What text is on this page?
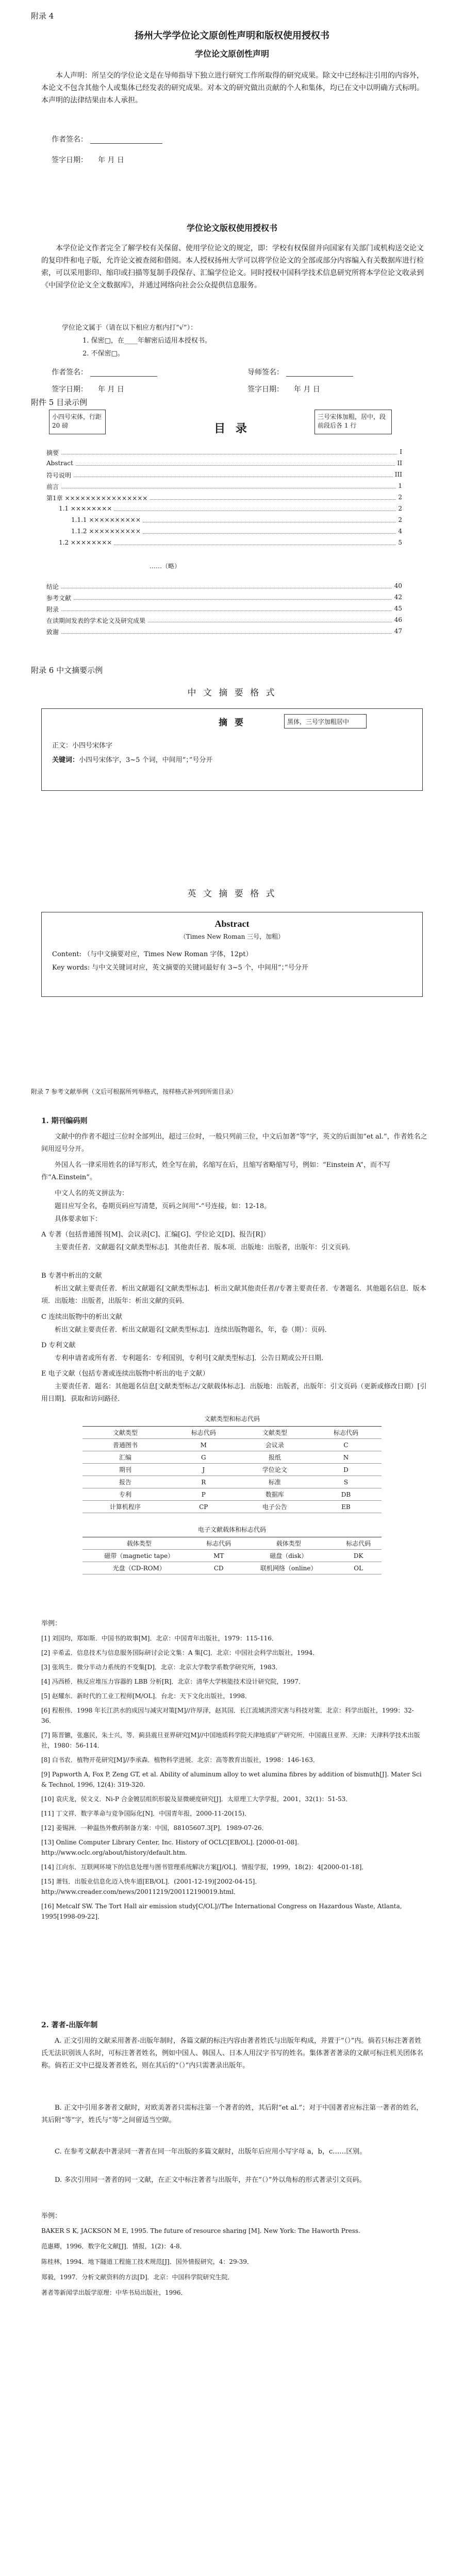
附录 4
扬州大学学位论文原创性声明和版权使用授权书
学位论文原创性声明
本人声明：所呈交的学位论文是在导师指导下独立进行研究工作所取得的研究成果。除文中已经标注引用的内容外，本论文不包含其他个人或集体已经发表的研究成果。对本文的研究做出贡献的个人和集体，均已在文中以明确方式标明。本声明的法律结果由本人承担。
作者签名：
签字日期： 年 月 日
学位论文版权使用授权书
本学位论文作者完全了解学校有关保留、使用学位论文的规定，即：学校有权保留并向国家有关部门或机构送交论文的复印件和电子版，允许论文被查阅和借阅。本人授权扬州大学可以将学位论文的全部或部分内容编入有关数据库进行检索，可以采用影印、缩印或扫描等复制手段保存、汇编学位论文。同时授权中国科学技术信息研究所将本学位论文收录到《中国学位论文全文数据库》，并通过网络向社会公众提供信息服务。
学位论文属于（请在以下相应方框内打“√”）：
1. 保密□，在____年解密后适用本授权书。
2. 不保密□。
作者签名：	导师签名：
签字日期： 年 月 日	签字日期： 年 月 日
附件 5 目录示例
小四号宋体，行距 20 磅
三号宋体加粗，居中，段前段后各 1 行
目 录
摘要	I
Abstract	II
符号说明	III
前言	1
第1章 ××××××××××××××××	2
1.1 ××××××××	2
1.1.1 ××××××××××	2
1.1.2 ××××××××××	4
1.2 ××××××××	5
……（略）
结论	40
参考文献	42
附录	45
在读期间发表的学术论文及研究成果	46
致谢	47
附录 6 中文摘要示例
中 文 摘 要 格 式
摘 要	黑体，三号字加粗居中
正文：小四号宋体字
关键词：小四号宋体字，3~5 个词，中间用“；”号分开
英 文 摘 要 格 式
Abstract
（Times New Roman 三号，加粗）
Content: （与中文摘要对应，Times New Roman 字体，12pt）
Key words: 与中文关键词对应，英文摘要的关键词最好有 3~5 个，中间用“；”号分开
附录 7 参考文献举例（文后可根据所列举格式，按样格式补列到所需目录）
1. 期刊编码则
文献中的作者不超过三位时全部列出，超过三位时，一般只列前三位，中文后加著“等”字，英文的后面加“et al.”，作者姓名之间用逗号分开。
外国人名一律采用姓名的译写形式，姓全写在前，名缩写在后，且缩写省略缩写号，例如：“Einstein A”，而不写作“A.Einstein”。
中文人名的英文拼法为：
题目应写全名，卷期页码应写清楚，页码之间用“-”号连接，如：12-18。
具体要求如下：
A 专著（包括普通图书[M]、会议录[C]、汇编[G]、学位论文[D]、报告[R]）
主要责任者．文献题名[文献类型标志]．其他责任者．版本项．出版地：出版者，出版年：引文页码．
B 专著中析出的文献
析出文献主要责任者．析出文献题名[文献类型标志]．析出文献其他责任者//专著主要责任者．专著题名．其他题名信息．版本项．出版地：出版者，出版年：析出文献的页码．
C 连续出版物中的析出文献
析出文献主要责任者．析出文献题名[文献类型标志]．连续出版物题名，年，卷（期）：页码．
D 专利文献
专利申请者或所有者．专利题名：专利国别，专利号[文献类型标志]．公告日期或公开日期．
E 电子文献（包括专著或连续出版物中析出的电子文献）
主要责任者．题名：其他题名信息[文献类型标志/文献载体标志]．出版地：出版者，出版年：引文页码（更新或修改日期）[引用日期]．获取和访问路径．
文献类型和标志代码
文献类型	标志代码	文献类型	标志代码
普通图书	M	会议录	C
汇编	G	报纸	N
期刊	J	学位论文	D
报告	R	标准	S
专利	P	数据库	DB
计算机程序	CP	电子公告	EB
电子文献载体和标志代码
载体类型	标志代码	载体类型	标志代码
磁带（magnetic tape）	MT	磁盘（disk）	DK
光盘（CD-ROM）	CD	联机网络（online）	OL
举例：
[1] 刘国均，郑如斯．中国书的故事[M]．北京：中国青年出版社，1979：115-116．
[2] 辛希孟．信息技术与信息服务国际研讨会论文集：A 集[C]．北京：中国社会科学出版社，1994．
[3] 张筑生．微分半动力系统的不变集[D]．北京：北京大学数学系数学研究所，1983．
[4] 冯西桥．核反应堆压力容器的 LBB 分析[R]．北京：清华大学核能技术设计研究院，1997．
[5] 赵耀东．新时代的工业工程师[M/OL]．台北：天下文化出版社，1998．
[6] 程根伟．1998 年长江洪水的成因与减灾对策[M]//许厚泽，赵其国．长江流域洪涝灾害与科技对策．北京：科学出版社，1999：32-36．
[7] 陈晋镳，张惠民，朱士兴，等．蓟县震旦亚界研究[M]//中国地质科学院天津地质矿产研究所．中国震旦亚界．天津：天津科学技术出版社，1980：56-114．
[8] 白书农．植物开花研究[M]//李承森．植物科学进展．北京：高等教育出版社，1998：146-163．
[9] Papworth A, Fox P, Zeng GT, et al. Ability of aluminum alloy to wet alumina fibres by addition of bismuth[J]. Mater Sci & Technol, 1996, 12(4): 319-320.
[10] 袁庆龙，侯文义．Ni-P 合金镀层组织形貌及显微硬度研究[J]．太原理工大学学报，2001，32(1)：51-53．
[11] 丁文祥．数字革命与竞争国际化[N]．中国青年报，2000-11-20(15)．
[12] 姜锡洲．一种温热外敷药制备方案：中国，88105607.3[P]．1989-07-26．
[13] Online Computer Library Center, Inc. History of OCLC[EB/OL]. [2000-01-08]. http://www.oclc.org/about/history/default.htm.
[14] 江向东．互联网环境下的信息处理与图书管理系统解决方案[J/OL]．情报学报，1999，18(2)：4[2000-01-18]．
[15] 萧钰．出版业信息化迈入快车道[EB/OL]．(2001-12-19)[2002-04-15]．http://www.creader.com/news/20011219/200112190019.html．
[16] Metcalf SW. The Tort Hall air emission study[C/OL]//The International Congress on Hazardous Waste, Atlanta, 1995[1998-09-22]．
2. 著者-出版年制
A. 正文引用的文献采用著者-出版年制时，各篇文献的标注内容由著者姓氏与出版年构成，并置于“（）”内。倘若只标注著者姓氏无法识别该人名时，可标注著者姓名，例如中国人、韩国人、日本人用汉字书写的姓名。集体著者著录的文献可标注机关团体名称。倘若正文中已提及著者姓名，则在其后的“（）”内只需著录出版年。
B. 正文中引用多著者文献时，对欧美著者只需标注第一个著者的姓，其后附“et al.”；对于中国著者应标注第一著者的姓名，其后附“等”字，姓氏与“等”之间留适当空隙。
C. 在参考文献表中著录同一著者在同一年出版的多篇文献时，出版年后应用小写字母 a，b，c……区别。
D. 多次引用同一著者的同一文献，在正文中标注著者与出版年，并在“（）”外以角标的形式著录引文页码。
举例：
BAKER S K, JACKSON M E, 1995. The future of resource sharing [M]. New York: The Haworth Press.
范惠卿，1996．数字化文献[J]．情报，1(2)：4-8．
陈桂林，1994．地下隧道工程施工技术规范[J]．国外情报研究，4：29-39．
郑毅，1997．分析文献资料的方法[D]．北京：中国科学院研究生院．
著者等新闻学出版学原理：中华书局出版社，1996．
